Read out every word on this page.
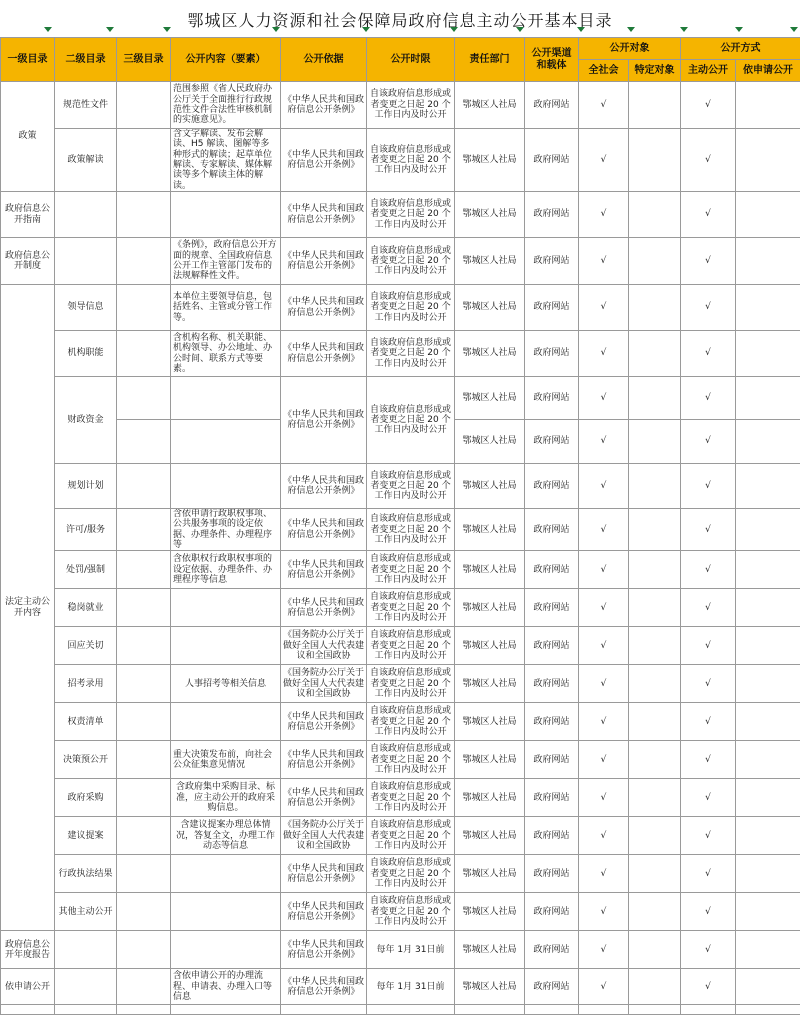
鄂城区人力资源和社会保障局政府信息主动公开基本目录
一级目录	二级目录	三级目录	公开内容（要素）	公开依据	公开时限	责任部门	公开渠道和载体	公开对象		公开方式	
								全社会	特定对象	主动公开	依申请公开
政策	规范性文件		范围参照《省人民政府办公厅关于全面推行行政规范性文件合法性审核机制的实施意见》。	《中华人民共和国政府信息公开条例》	自该政府信息形成或者变更之日起 20 个工作日内及时公开	鄂城区人社局	政府网站	√		√	
	政策解读		含文字解读、发布会解读、H5 解读、图解等多种形式的解读；起草单位解读、专家解读、媒体解读等多个解读主体的解读。	《中华人民共和国政府信息公开条例》	自该政府信息形成或者变更之日起 20 个工作日内及时公开	鄂城区人社局	政府网站	√		√	
政府信息公开指南				《中华人民共和国政府信息公开条例》	自该政府信息形成或者变更之日起 20 个工作日内及时公开	鄂城区人社局	政府网站	√		√	
政府信息公开制度			《条例》，政府信息公开方面的规章、全国政府信息公开工作主管部门发布的法规解释性文件。	《中华人民共和国政府信息公开条例》	自该政府信息形成或者变更之日起 20 个工作日内及时公开	鄂城区人社局	政府网站	√		√	
法定主动公开内容	领导信息		本单位主要领导信息，包括姓名、主管或分管工作等。	《中华人民共和国政府信息公开条例》	自该政府信息形成或者变更之日起 20 个工作日内及时公开	鄂城区人社局	政府网站	√		√	
	机构职能		含机构名称、机关职能、机构领导、办公地址、办公时间、联系方式等要素。	《中华人民共和国政府信息公开条例》	自该政府信息形成或者变更之日起 20 个工作日内及时公开	鄂城区人社局	政府网站	√		√	
	财政资金			《中华人民共和国政府信息公开条例》	自该政府信息形成或者变更之日起 20 个工作日内及时公开	鄂城区人社局	政府网站	√		√	
						鄂城区人社局	政府网站	√		√	
	规划计划			《中华人民共和国政府信息公开条例》	自该政府信息形成或者变更之日起 20 个工作日内及时公开	鄂城区人社局	政府网站	√		√	
	许可/服务		含依申请行政职权事项、公共服务事项的设定依据、办理条件、办理程序等	《中华人民共和国政府信息公开条例》	自该政府信息形成或者变更之日起 20 个工作日内及时公开	鄂城区人社局	政府网站	√		√	
	处罚/强制		含依职权行政职权事项的设定依据、办理条件、办理程序等信息	《中华人民共和国政府信息公开条例》	自该政府信息形成或者变更之日起 20 个工作日内及时公开	鄂城区人社局	政府网站	√		√	
	稳岗就业			《中华人民共和国政府信息公开条例》	自该政府信息形成或者变更之日起 20 个工作日内及时公开	鄂城区人社局	政府网站	√		√	
	回应关切			《国务院办公厅关于做好全国人大代表建议和全国政协	自该政府信息形成或者变更之日起 20 个工作日内及时公开	鄂城区人社局	政府网站	√		√	
	招考录用		人事招考等相关信息	《国务院办公厅关于做好全国人大代表建议和全国政协	自该政府信息形成或者变更之日起 20 个工作日内及时公开	鄂城区人社局	政府网站	√		√	
	权责清单			《中华人民共和国政府信息公开条例》	自该政府信息形成或者变更之日起 20 个工作日内及时公开	鄂城区人社局	政府网站	√		√	
	决策预公开		重大决策发布前，向社会公众征集意见情况	《中华人民共和国政府信息公开条例》	自该政府信息形成或者变更之日起 20 个工作日内及时公开	鄂城区人社局	政府网站	√		√	
	政府采购		含政府集中采购目录、标准，应主动公开的政府采购信息。	《中华人民共和国政府信息公开条例》	自该政府信息形成或者变更之日起 20 个工作日内及时公开	鄂城区人社局	政府网站	√		√	
	建议提案		含建议提案办理总体情况，答复全文，办理工作动态等信息	《国务院办公厅关于做好全国人大代表建议和全国政协	自该政府信息形成或者变更之日起 20 个工作日内及时公开	鄂城区人社局	政府网站	√		√	
	行政执法结果			《中华人民共和国政府信息公开条例》	自该政府信息形成或者变更之日起 20 个工作日内及时公开	鄂城区人社局	政府网站	√		√	
	其他主动公开			《中华人民共和国政府信息公开条例》	自该政府信息形成或者变更之日起 20 个工作日内及时公开	鄂城区人社局	政府网站	√		√	
政府信息公开年度报告				《中华人民共和国政府信息公开条例》	每年 1月 31日前	鄂城区人社局	政府网站	√		√	
依申请公开			含依申请公开的办理流程、申请表、办理入口等信息	《中华人民共和国政府信息公开条例》	每年 1月 31日前	鄂城区人社局	政府网站	√		√	
